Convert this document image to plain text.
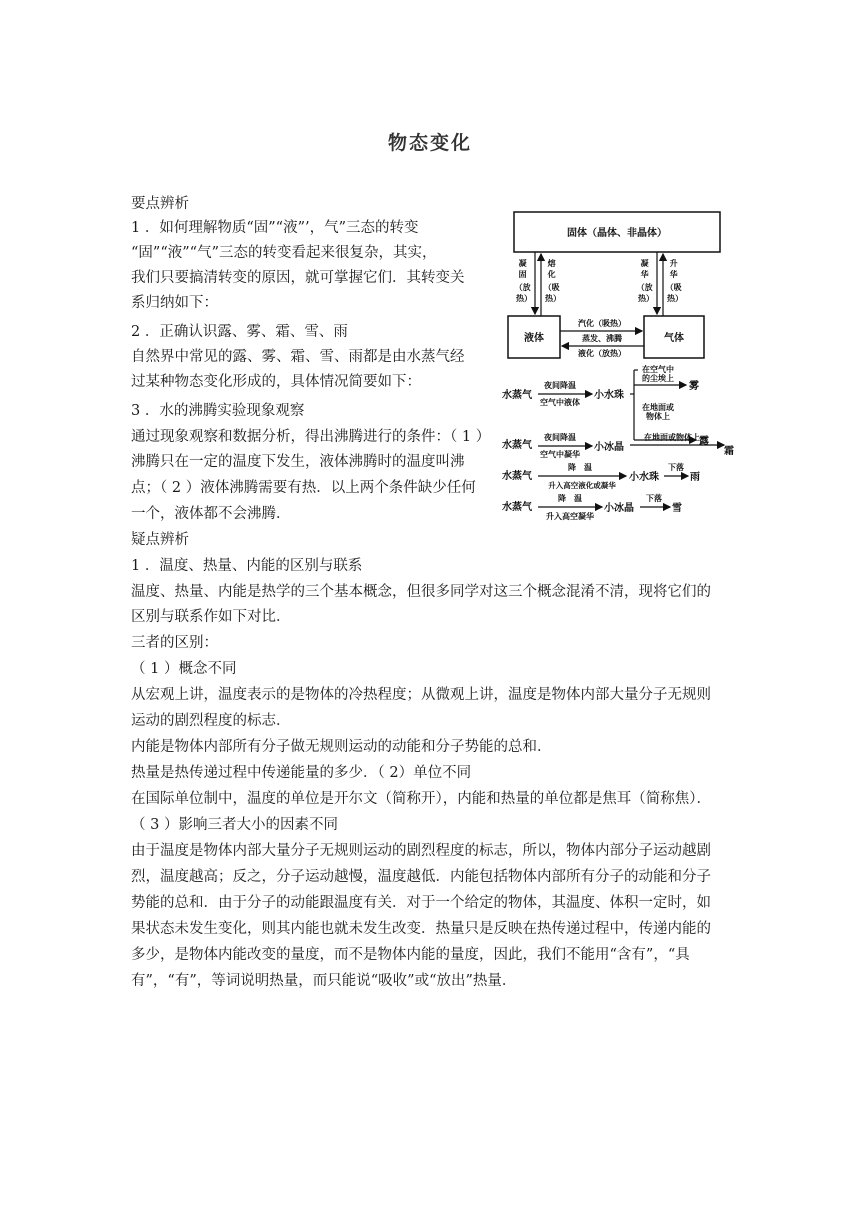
物态变化
要点辨析
1 ．如何理解物质“固”“液”’，气”三态的转变
“固”“液”“气”三态的转变看起来很复杂，其实，
我们只要搞清转变的原因，就可掌握它们．其转变关
系归纳如下：
2 ．正确认识露、雾、霜、雪、雨
自然界中常见的露、雾、霜、雪、雨都是由水蒸气经
过某种物态变化形成的，具体情况简要如下：
3 ．水的沸腾实验现象观察
通过现象观察和数据分析，得出沸腾进行的条件：（ 1 ）
沸腾只在一定的温度下发生，液体沸腾时的温度叫沸
点；（ 2 ）液体沸腾需要有热．以上两个条件缺少任何
一个，液体都不会沸腾．
疑点辨析
1 ．温度、热量、内能的区别与联系
温度、热量、内能是热学的三个基本概念，但很多同学对这三个概念混淆不清，现将它们的
区别与联系作如下对比．
三者的区别：
（ 1 ）概念不同
从宏观上讲，温度表示的是物体的冷热程度；从微观上讲，温度是物体内部大量分子无规则
运动的剧烈程度的标志．
内能是物体内部所有分子做无规则运动的动能和分子势能的总和．
热量是热传递过程中传递能量的多少．（ 2）单位不同
在国际单位制中，温度的单位是开尔文（简称开），内能和热量的单位都是焦耳（简称焦）．
（ 3 ）影响三者大小的因素不同
由于温度是物体内部大量分子无规则运动的剧烈程度的标志，所以，物体内部分子运动越剧
烈，温度越高；反之，分子运动越慢，温度越低．内能包括物体内部所有分子的动能和分子
势能的总和．由于分子的动能跟温度有关．对于一个给定的物体，其温度、体积一定时，如
果状态未发生变化，则其内能也就未发生改变．热量只是反映在热传递过程中，传递内能的
多少，是物体内能改变的量度，而不是物体内能的量度，因此，我们不能用“含有”，“具
有”，“有”，等词说明热量，而只能说“吸收”或“放出”热量．
固体（晶体、非晶体）
液体	气体
凝 固 （放 热）
熔 化 （吸 热）
凝 华 （放 热）
升 华 （吸 热）
汽化（吸热）
蒸发、沸腾
液化（放热）
水蒸气
夜间降温
空气中液体
小水珠
在空气中
的尘埃上
雾
在地面或
物体上
露
水蒸气
夜间降温
空气中凝华
小冰晶
在地面或物体上
霜
水蒸气
降　温
升入高空液化或凝华
小水珠
下落
雨
水蒸气
降　温
升入高空凝华
小冰晶
下落
雪
